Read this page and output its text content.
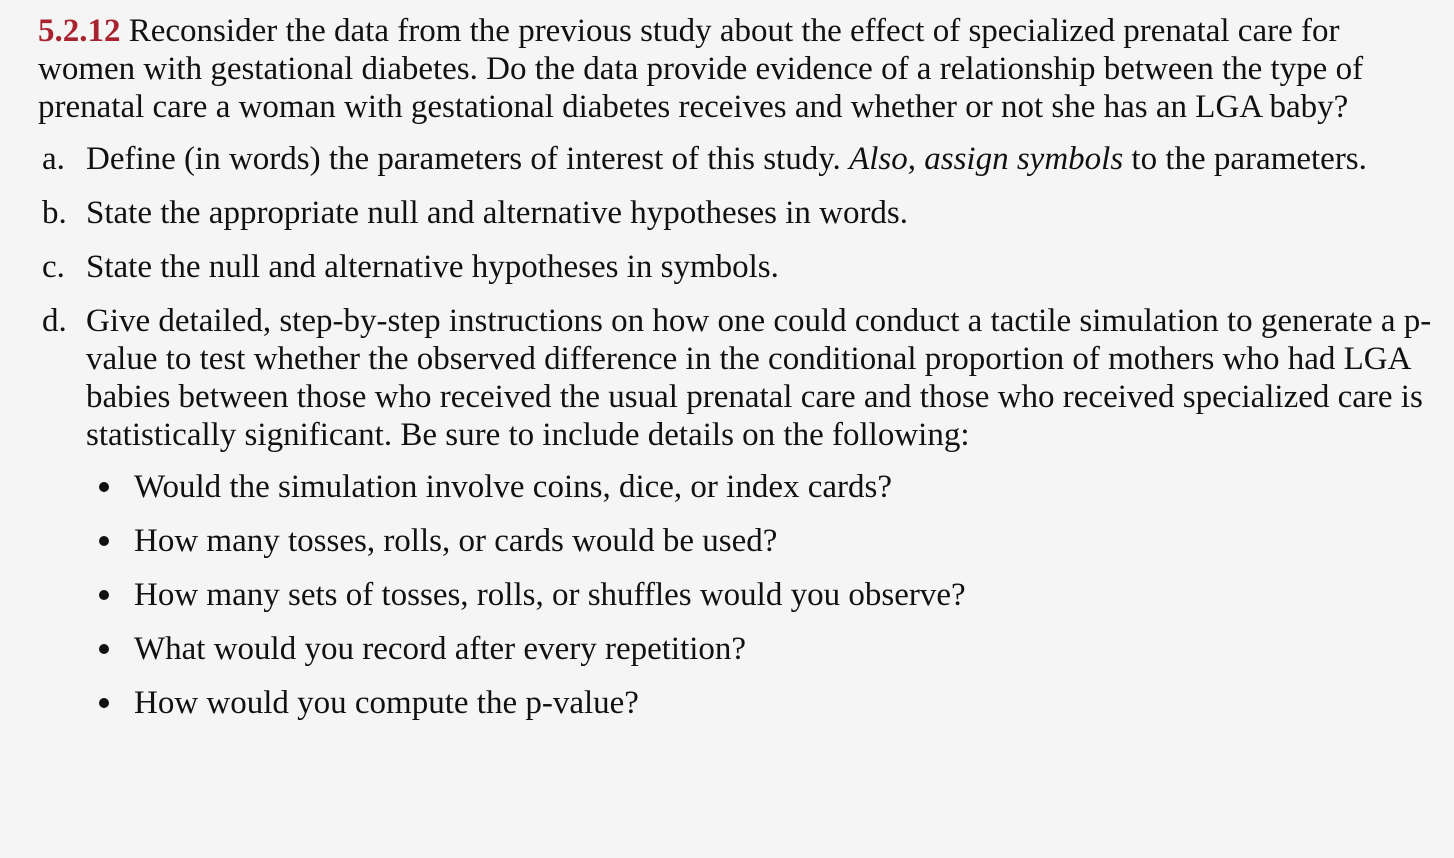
5.2.12 Reconsider the data from the previous study about the effect of specialized prenatal care for women with gestational diabetes. Do the data provide evidence of a relationship between the type of prenatal care a woman with gestational diabetes receives and whether or not she has an LGA baby?

a. Define (in words) the parameters of interest of this study. Also, assign symbols to the parameters.
b. State the appropriate null and alternative hypotheses in words.
c. State the null and alternative hypotheses in symbols.
d. Give detailed, step-by-step instructions on how one could conduct a tactile simulation to generate a p-value to test whether the observed difference in the conditional proportion of mothers who had LGA babies between those who received the usual prenatal care and those who received specialized care is statistically significant. Be sure to include details on the following:
Would the simulation involve coins, dice, or index cards?
How many tosses, rolls, or cards would be used?
How many sets of tosses, rolls, or shuffles would you observe?
What would you record after every repetition?
How would you compute the p-value?
